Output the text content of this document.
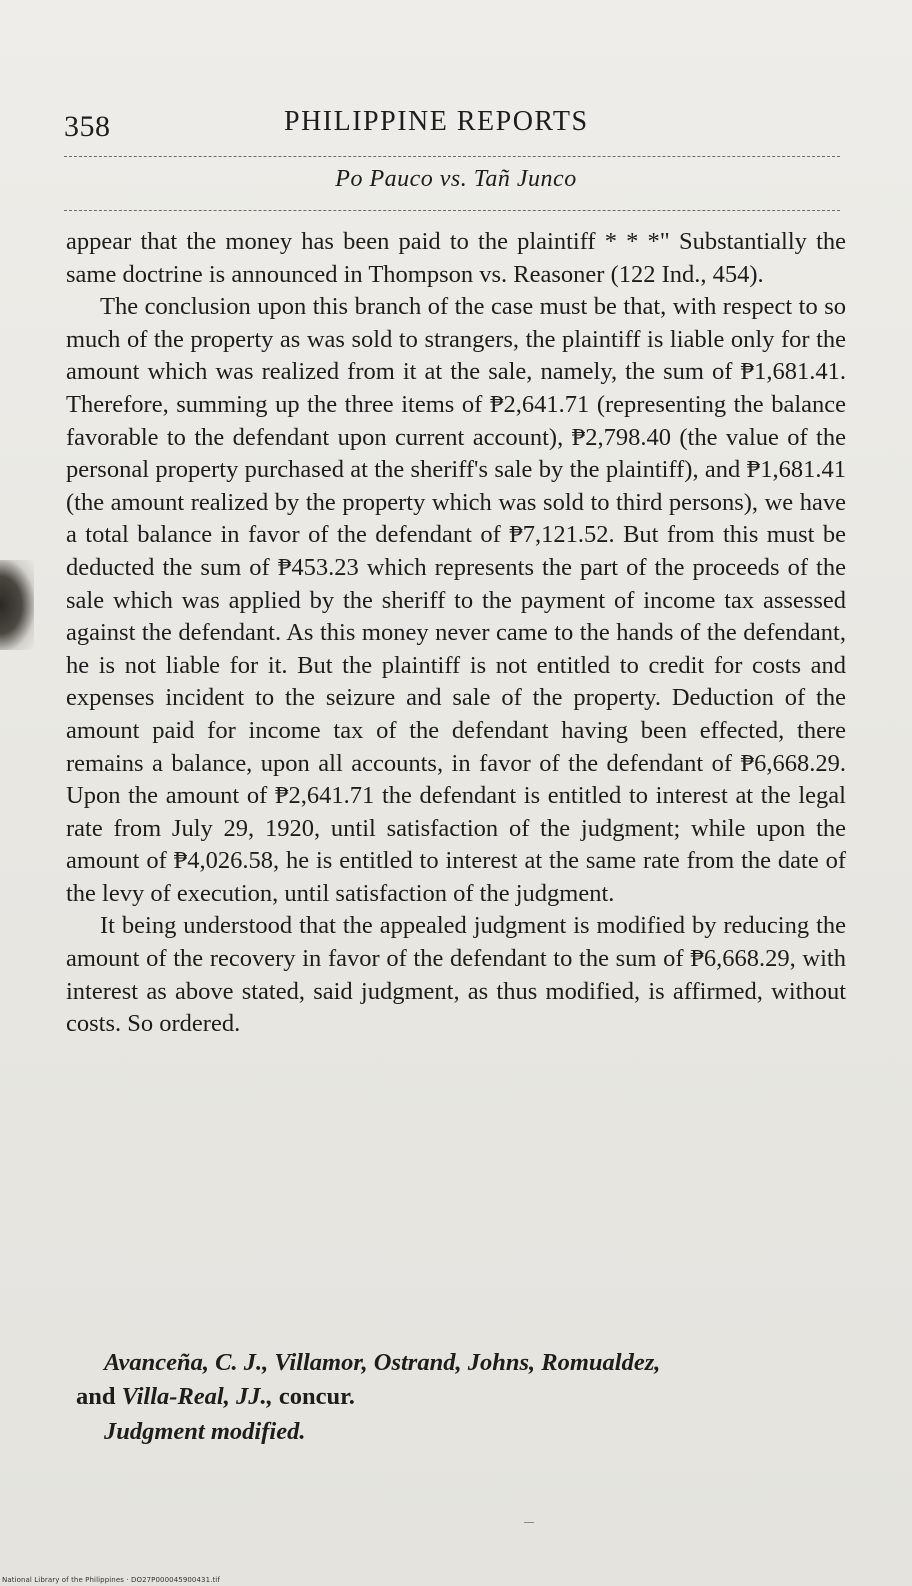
358	PHILIPPINE REPORTS
Po Pauco vs. Tañ Junco

appear that the money has been paid to the plaintiff * * *" Substantially the same doctrine is announced in Thompson vs. Reasoner (122 Ind., 454).

The conclusion upon this branch of the case must be that, with respect to so much of the property as was sold to strangers, the plaintiff is liable only for the amount which was realized from it at the sale, namely, the sum of ₱1,681.41. Therefore, summing up the three items of ₱2,641.71 (representing the balance favorable to the defendant upon current account), ₱2,798.40 (the value of the personal property purchased at the sheriff's sale by the plaintiff), and ₱1,681.41 (the amount realized by the property which was sold to third persons), we have a total balance in favor of the defendant of ₱7,121.52. But from this must be deducted the sum of ₱453.23 which represents the part of the proceeds of the sale which was applied by the sheriff to the payment of income tax assessed against the defendant. As this money never came to the hands of the defendant, he is not liable for it. But the plaintiff is not entitled to credit for costs and expenses incident to the seizure and sale of the property. Deduction of the amount paid for income tax of the defendant having been effected, there remains a balance, upon all accounts, in favor of the defendant of ₱6,668.29. Upon the amount of ₱2,641.71 the defendant is entitled to interest at the legal rate from July 29, 1920, until satisfaction of the judgment; while upon the amount of ₱4,026.58, he is entitled to interest at the same rate from the date of the levy of execution, until satisfaction of the judgment.

It being understood that the appealed judgment is modified by reducing the amount of the recovery in favor of the defendant to the sum of ₱6,668.29, with interest as above stated, said judgment, as thus modified, is affirmed, without costs. So ordered.

Avanceña, C. J., Villamor, Ostrand, Johns, Romualdez,
and Villa-Real, JJ., concur.
Judgment modified.
National Library of the Philippines · DO27P000045900431.tif
